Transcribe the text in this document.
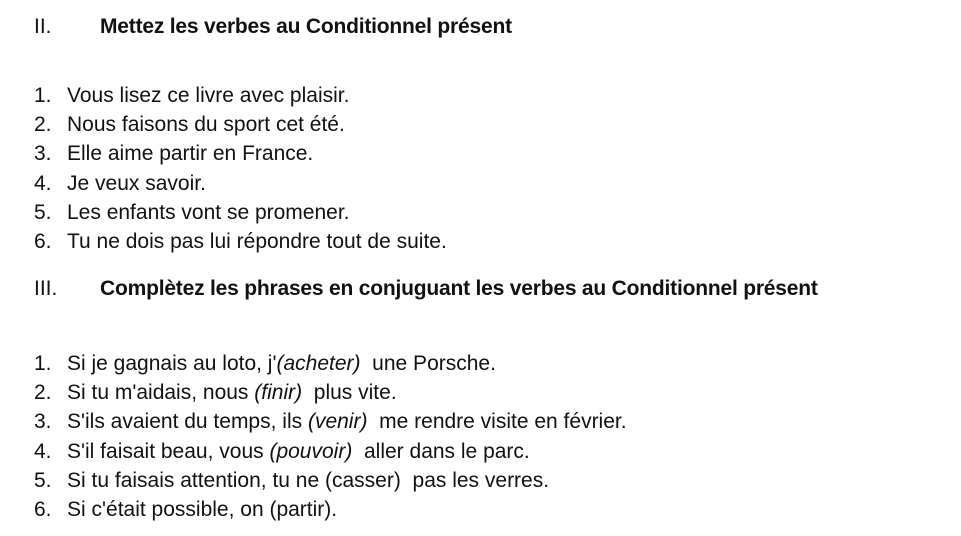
II.	Mettez les verbes au Conditionnel présent
1. Vous lisez ce livre avec plaisir.
2. Nous faisons du sport cet été.
3. Elle aime partir en France.
4. Je veux savoir.
5. Les enfants vont se promener.
6. Tu ne dois pas lui répondre tout de suite.
III.	Complètez les phrases en conjuguant les verbes au Conditionnel présent
1. Si je gagnais au loto, j'(acheter)  une Porsche.
2. Si tu m'aidais, nous (finir)  plus vite.
3. S'ils avaient du temps, ils (venir)  me rendre visite en février.
4. S'il faisait beau, vous (pouvoir)  aller dans le parc.
5. Si tu faisais attention, tu ne (casser)  pas les verres.
6. Si c'était possible, on (partir).
